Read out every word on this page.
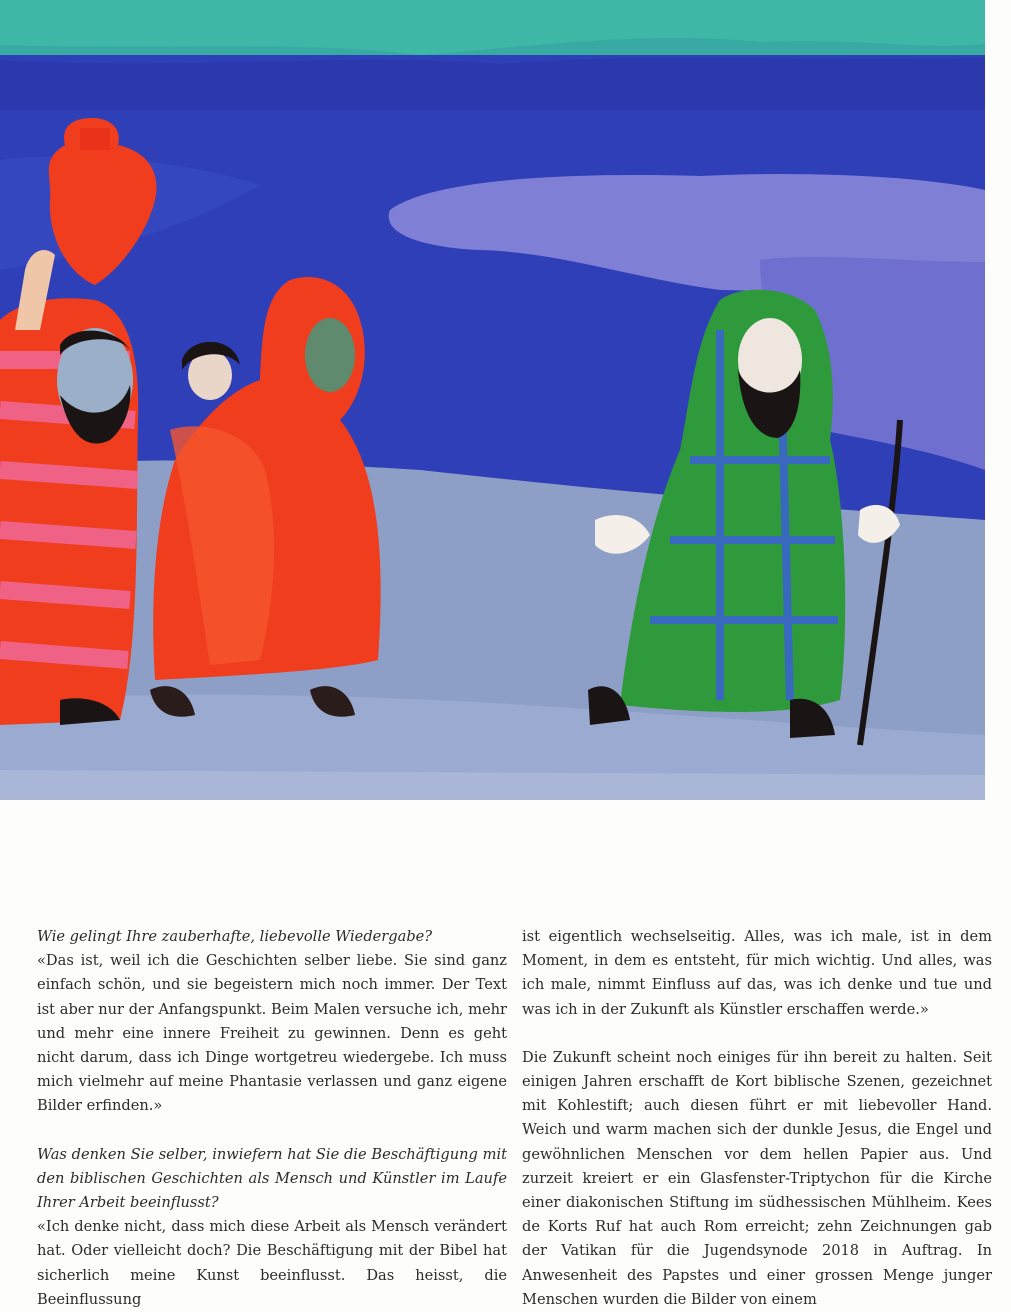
Wie gelingt Ihre zauberhafte, liebevolle Wiedergabe?

«Das ist, weil ich die Geschichten selber liebe. Sie sind ganz einfach schön, und sie begeistern mich noch immer. Der Text ist aber nur der Anfangspunkt. Beim Malen versuche ich, mehr und mehr eine innere Freiheit zu gewinnen. Denn es geht nicht darum, dass ich Dinge wortgetreu wiedergebe. Ich muss mich vielmehr auf meine Phantasie verlassen und ganz eigene Bilder erfinden.»

Was denken Sie selber, inwiefern hat Sie die Beschäftigung mit den biblischen Geschichten als Mensch und Künstler im Laufe Ihrer Arbeit beeinflusst?

«Ich denke nicht, dass mich diese Arbeit als Mensch verändert hat. Oder vielleicht doch? Die Beschäftigung mit der Bibel hat sicherlich meine Kunst beeinflusst. Das heisst, die Beeinflussung

ist eigentlich wechselseitig. Alles, was ich male, ist in dem Moment, in dem es entsteht, für mich wichtig. Und alles, was ich male, nimmt Einfluss auf das, was ich denke und tue und was ich in der Zukunft als Künstler erschaffen werde.»

Die Zukunft scheint noch einiges für ihn bereit zu halten. Seit einigen Jahren erschafft de Kort biblische Szenen, gezeichnet mit Kohlestift; auch diesen führt er mit liebevoller Hand. Weich und warm machen sich der dunkle Jesus, die Engel und gewöhnlichen Menschen vor dem hellen Papier aus. Und zurzeit kreiert er ein Glasfenster-Triptychon für die Kirche einer diakonischen Stiftung im südhessischen Mühlheim. Kees de Korts Ruf hat auch Rom erreicht; zehn Zeichnungen gab der Vatikan für die Jugendsynode 2018 in Auftrag. In Anwesenheit des Papstes und einer grossen Menge junger Menschen wurden die Bilder von einem
